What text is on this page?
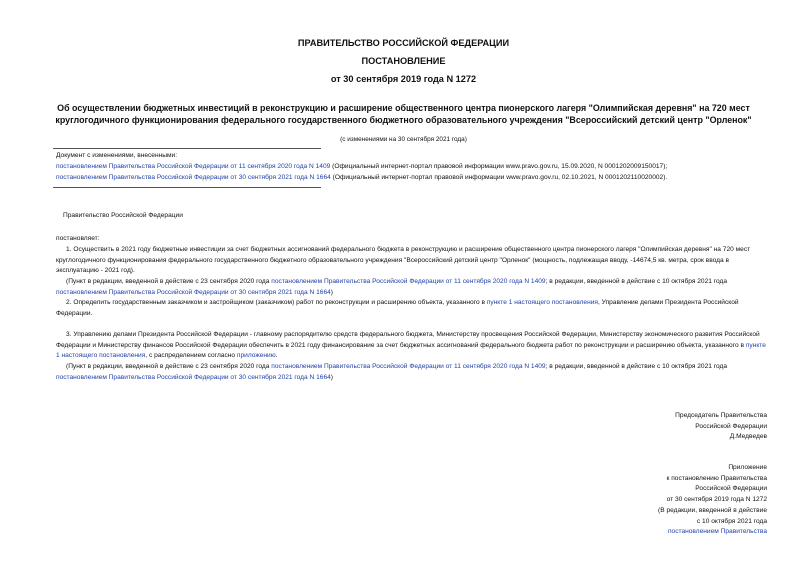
ПРАВИТЕЛЬСТВО РОССИЙСКОЙ ФЕДЕРАЦИИ
ПОСТАНОВЛЕНИЕ
от 30 сентября 2019 года N 1272
Об осуществлении бюджетных инвестиций в реконструкцию и расширение общественного центра пионерского лагеря "Олимпийская деревня" на 720 мест
круглогодичного функционирования федерального государственного бюджетного образовательного учреждения "Всероссийский детский центр "Орленок"
(с изменениями на 30 сентября 2021 года)
Документ с изменениями, внесенными:
постановлением Правительства Российской Федерации от 11 сентября 2020 года N 1409 (Официальный интернет-портал правовой информации www.pravo.gov.ru, 15.09.2020, N 0001202009150017);
постановлением Правительства Российской Федерации от 30 сентября 2021 года N 1664 (Официальный интернет-портал правовой информации www.pravo.gov.ru, 02.10.2021, N 0001202110020002).
Правительство Российской Федерации
постановляет:
1. Осуществить в 2021 году бюджетные инвестиции за счет бюджетных ассигнований федерального бюджета в реконструкцию и расширение общественного центра пионерского лагеря "Олимпийская деревня" на 720 мест круглогодичного функционирования федерального государственного бюджетного образовательного учреждения "Всероссийский детский центр "Орленок" (мощность, подлежащая вводу, -14674,5 кв. метра, срок ввода в эксплуатацию - 2021 год).
(Пункт в редакции, введенной в действие с 23 сентября 2020 года постановлением Правительства Российской Федерации от 11 сентября 2020 года N 1409; в редакции, введенной в действие с 10 октября 2021 года постановлением Правительства Российской Федерации от 30 сентября 2021 года N 1664)
2. Определить государственным заказчиком и застройщиком (заказчиком) работ по реконструкции и расширению объекта, указанного в пункте 1 настоящего постановления, Управление делами Президента Российской Федерации.
3. Управлению делами Президента Российской Федерации - главному распорядителю средств федерального бюджета, Министерству просвещения Российской Федерации, Министерству экономического развития Российской Федерации и Министерству финансов Российской Федерации обеспечить в 2021 году финансирование за счет бюджетных ассигнований федерального бюджета работ по реконструкции и расширению объекта, указанного в пункте 1 настоящего постановления, с распределением согласно приложению.
(Пункт в редакции, введенной в действие с 23 сентября 2020 года постановлением Правительства Российской Федерации от 11 сентября 2020 года N 1409; в редакции, введенной в действие с 10 октября 2021 года постановлением Правительства Российской Федерации от 30 сентября 2021 года N 1664)
Председатель Правительства
Российской Федерации
Д.Медведев
Приложение
к постановлению Правительства
Российской Федерации
от 30 сентября 2019 года N 1272
(В редакции, введенной в действие
с 10 октября 2021 года
постановлением Правительства
